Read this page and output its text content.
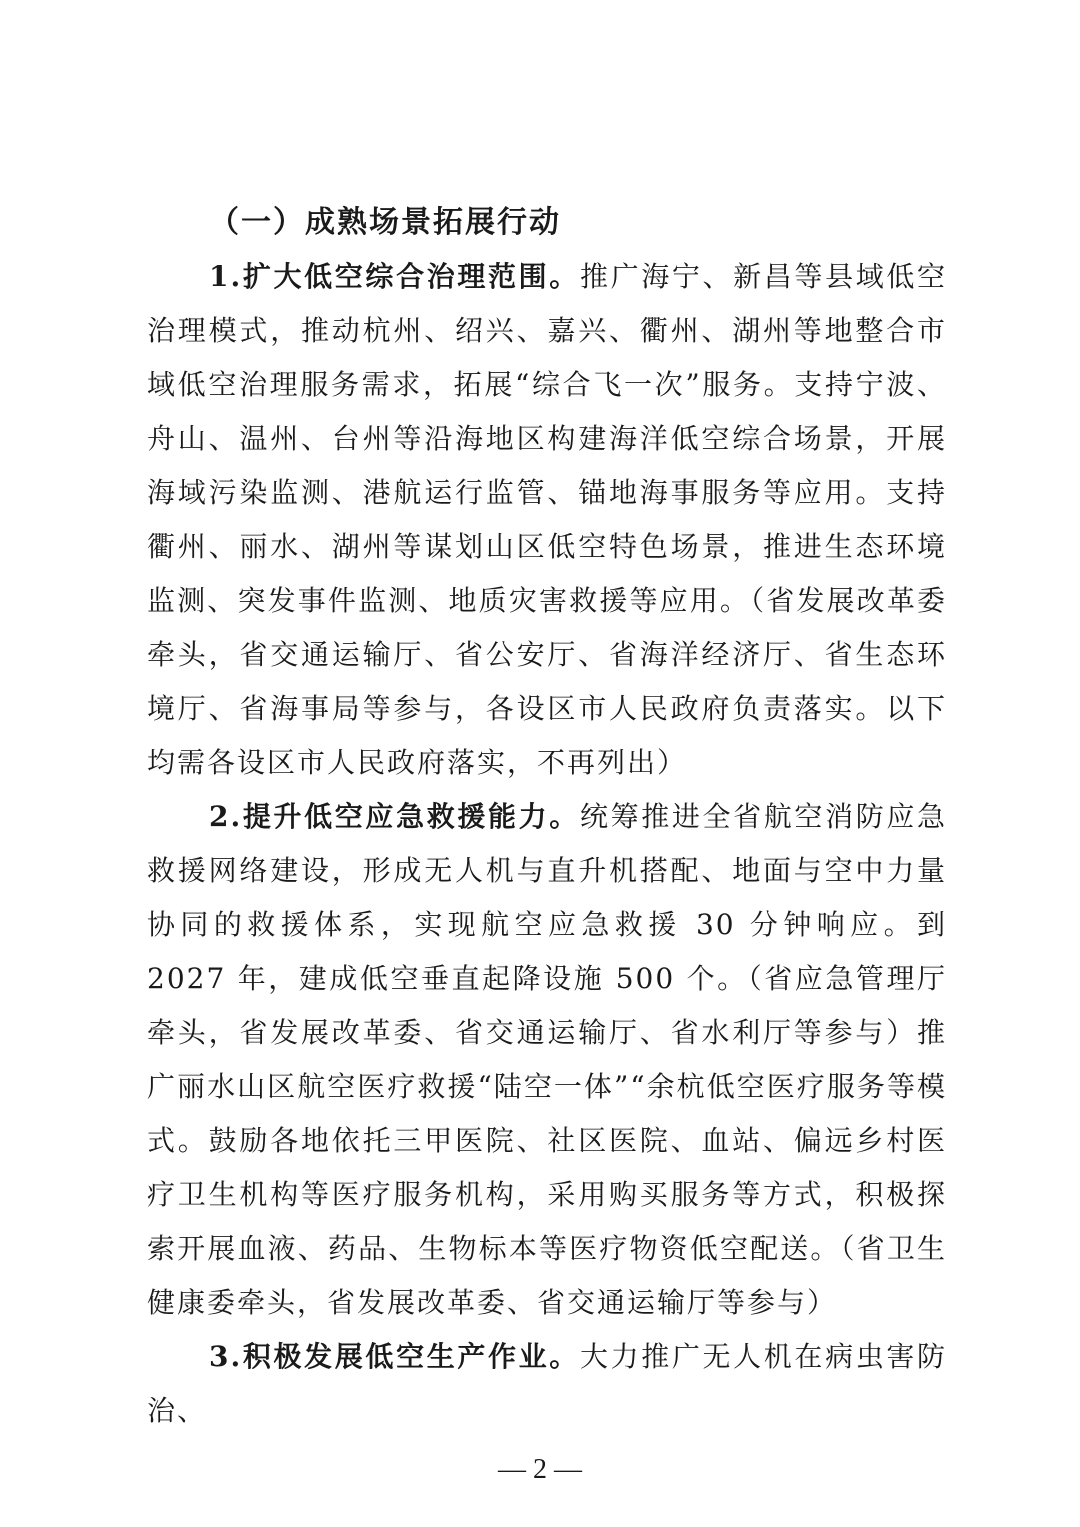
（一）成熟场景拓展行动

1.扩大低空综合治理范围。推广海宁、新昌等县域低空治理模式，推动杭州、绍兴、嘉兴、衢州、湖州等地整合市域低空治理服务需求，拓展“综合飞一次”服务。支持宁波、舟山、温州、台州等沿海地区构建海洋低空综合场景，开展海域污染监测、港航运行监管、锚地海事服务等应用。支持衢州、丽水、湖州等谋划山区低空特色场景，推进生态环境监测、突发事件监测、地质灾害救援等应用。（省发展改革委牵头，省交通运输厅、省公安厅、省海洋经济厅、省生态环境厅、省海事局等参与，各设区市人民政府负责落实。以下均需各设区市人民政府落实，不再列出）

2.提升低空应急救援能力。统筹推进全省航空消防应急救援网络建设，形成无人机与直升机搭配、地面与空中力量协同的救援体系，实现航空应急救援 30 分钟响应。到 2027 年，建成低空垂直起降设施 500 个。（省应急管理厅牵头，省发展改革委、省交通运输厅、省水利厅等参与）推广丽水山区航空医疗救援“陆空一体”“余杭低空医疗服务等模式。鼓励各地依托三甲医院、社区医院、血站、偏远乡村医疗卫生机构等医疗服务机构，采用购买服务等方式，积极探索开展血液、药品、生物标本等医疗物资低空配送。（省卫生健康委牵头，省发展改革委、省交通运输厅等参与）

3.积极发展低空生产作业。大力推广无人机在病虫害防治、

— 2 —
